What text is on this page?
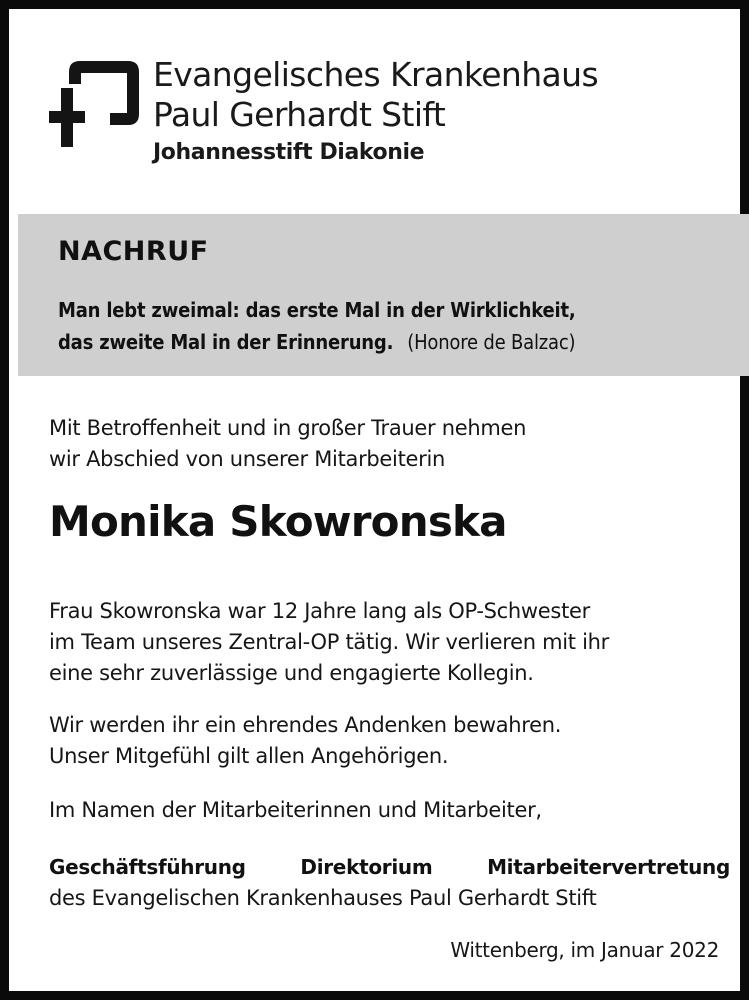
Evangelisches Krankenhaus
Paul Gerhardt Stift
Johannesstift Diakonie
NACHRUF
Man lebt zweimal: das erste Mal in der Wirklichkeit,
das zweite Mal in der Erinnerung. (Honore de Balzac)
Mit Betroffenheit und in großer Trauer nehmen
wir Abschied von unserer Mitarbeiterin
Monika Skowronska
Frau Skowronska war 12 Jahre lang als OP-Schwester
im Team unseres Zentral-OP tätig. Wir verlieren mit ihr
eine sehr zuverlässige und engagierte Kollegin.
Wir werden ihr ein ehrendes Andenken bewahren.
Unser Mitgefühl gilt allen Angehörigen.
Im Namen der Mitarbeiterinnen und Mitarbeiter,
Geschäftsführung	Direktorium	Mitarbeitervertretung
des Evangelischen Krankenhauses Paul Gerhardt Stift
Wittenberg, im Januar 2022
